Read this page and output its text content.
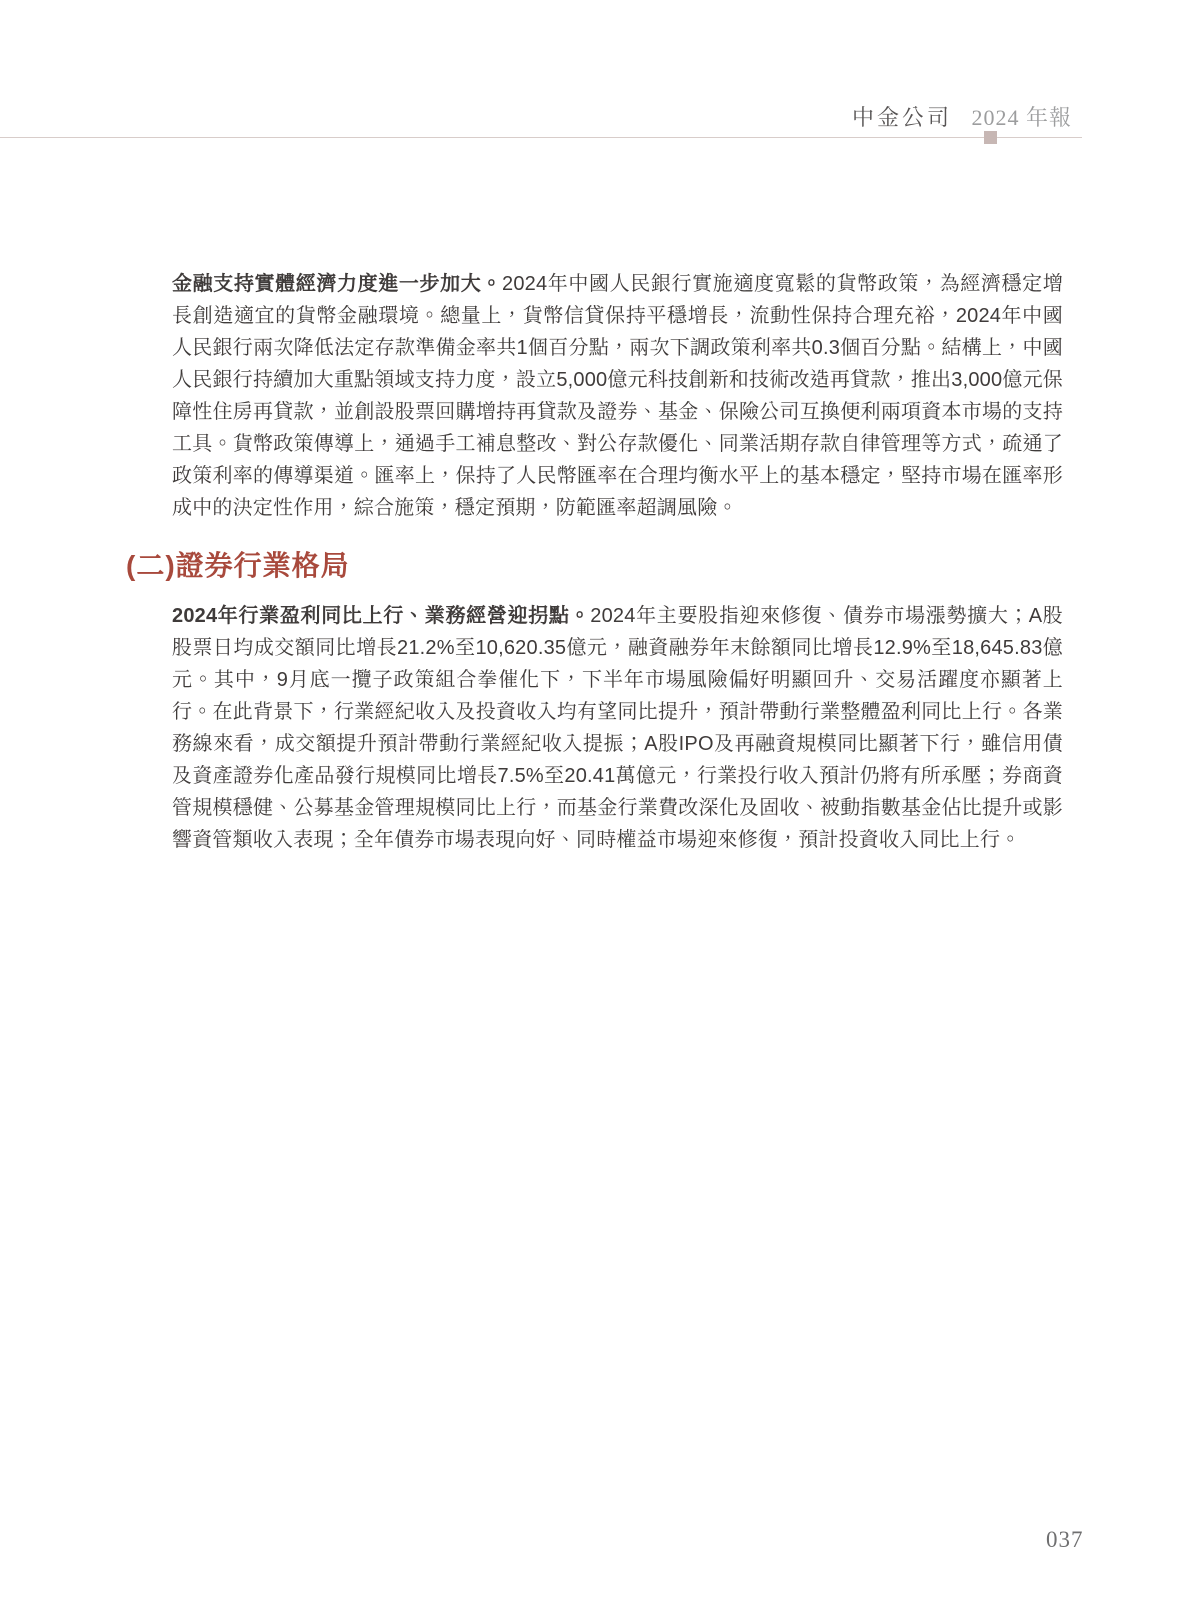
中金公司 2024 年報

金融支持實體經濟力度進一步加大。2024年中國人民銀行實施適度寬鬆的貨幣政策，為經濟穩定增長創造適宜的貨幣金融環境。總量上，貨幣信貸保持平穩增長，流動性保持合理充裕，2024年中國人民銀行兩次降低法定存款準備金率共1個百分點，兩次下調政策利率共0.3個百分點。結構上，中國人民銀行持續加大重點領域支持力度，設立5,000億元科技創新和技術改造再貸款，推出3,000億元保障性住房再貸款，並創設股票回購增持再貸款及證券、基金、保險公司互換便利兩項資本市場的支持工具。貨幣政策傳導上，通過手工補息整改、對公存款優化、同業活期存款自律管理等方式，疏通了政策利率的傳導渠道。匯率上，保持了人民幣匯率在合理均衡水平上的基本穩定，堅持市場在匯率形成中的決定性作用，綜合施策，穩定預期，防範匯率超調風險。

(二)證券行業格局

2024年行業盈利同比上行、業務經營迎拐點。2024年主要股指迎來修復、債券市場漲勢擴大；A股股票日均成交額同比增長21.2%至10,620.35億元，融資融券年末餘額同比增長12.9%至18,645.83億元。其中，9月底一攬子政策組合拳催化下，下半年市場風險偏好明顯回升、交易活躍度亦顯著上行。在此背景下，行業經紀收入及投資收入均有望同比提升，預計帶動行業整體盈利同比上行。各業務線來看，成交額提升預計帶動行業經紀收入提振；A股IPO及再融資規模同比顯著下行，雖信用債及資產證券化產品發行規模同比增長7.5%至20.41萬億元，行業投行收入預計仍將有所承壓；券商資管規模穩健、公募基金管理規模同比上行，而基金行業費改深化及固收、被動指數基金佔比提升或影響資管類收入表現；全年債券市場表現向好、同時權益市場迎來修復，預計投資收入同比上行。

037
